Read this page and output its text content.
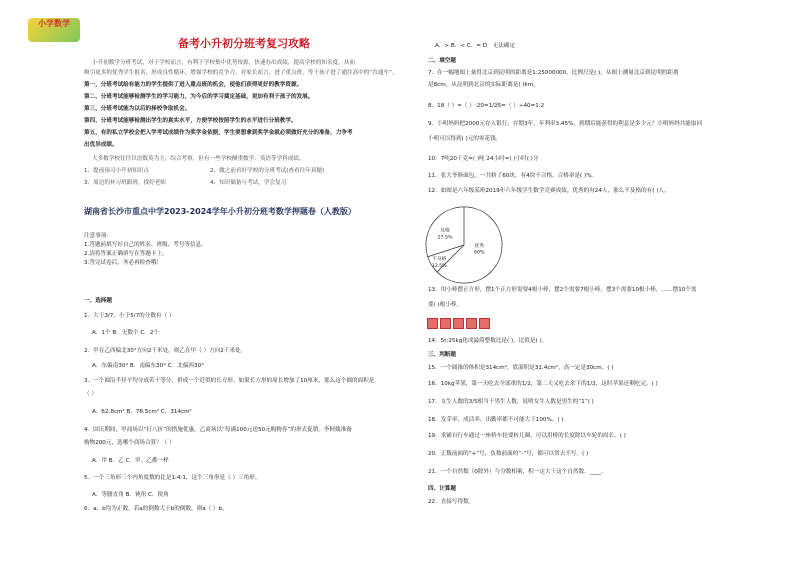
小学数学
备考小升初分班考复习攻略
小升初数学分班考试，对于学校而言，有利于学校集中优势资源，快速办出成绩，提高学校的知名度，从而
吸引更多的优秀学生报名，形成良性循环，增强学校的竞争力。对家长而言，进了重点班，等于孩子进了通往高中的“直通车”。
第一，分班考试给有能力的学生提供了进入重点班的机会，使他们获得更好的教学资源。
第二，分班考试能够检测学生的学习能力，为今后的学习奠定基础，更加有利于孩子的发展。
第三，分班考试能为以后的择校争取机会。
第四，分班考试能够检测出学生的真实水平，方便学校按照学生的水平进行分班教学。
第五，有的私立学校会把入学考试成绩作为奖学金依据，学生要想拿到奖学金就必须做好充分的准备，力争考
出优异成绩。
大多数学校往往以语数英为主，综合考察，但有一些学校侧重数学、英语等学科成绩。
1、提前预习小升初知识点	2、做之前看好学校的分班考试(查看往年真题)
3、周边的补习班跟班，找好老师	4、知识储备与考试，学会复习
湖南省长沙市重点中学2023-2024学年小升初分班考数学押题卷（人教版）
注意事项：
1.答题前填写好自己的姓名、班级、考号等信息。
2.请将答案正确填写在答题卡上。
3.答完试卷后，务必再检查哦！
一、选择题
1．大于3/7、小于5/7的分数有（ ）
A．1个 B．无数个 C．2个
2．甲在乙西偏北30°方向2千米处，则乙在甲（ ）方向2千米处。
A．东偏南30° B．南偏东30° C．北偏西30°
3．一个圆沿半径平均分成若干等分，拼成一个近似的长方形，如果长方形的周长增加了10厘米，那么这个圆的面积是
（ ）
A．62.8cm² B．78.5cm² C．314cm²
4．国庆期间，甲商场以“打八折”的措施优惠，乙商场以“每满100元送50元购物券”的形式促销。李阿姨准备
购物200元，选哪个商场合算？（ ）
A．甲 B．乙 C．甲、乙都一样
5．一个三角形三个内角度数的比是1:4:1，这个三角形是（ ）三角形。
A．等腰直角 B．钝角 C．锐角
6．a、b均为正数，若a的倒数大于b的倒数，则a（ ）b。
A．> B．< C．= D．无法确定
二、填空题
7．在一幅地图上量得北京到昆明的距离是1:25000000，比例尺是( )，从图上测量北京到昆明的距离
是8cm，从昆明到北京的实际距离是( )km。
8．18（ ）=（ ）:20=1/25=（ ）÷40=1.2
9．小明妈妈把2000元存入银行，存期3年，年利率3.45%，到期后能获得的利息是多少元？小明妈妈共能取回
小明可以得到( )元的零花钱。
10．7吨20千克=( )吨 24小时=( )小时( )分
11．张大爷修面包，一共修了60块，有4块不合格，合格率是( )%。
12．如图是六年级某班2019年六年级学生数学竞赛成绩，优秀的有24人，那么不及格的有( )人。
及格
27.5%
不及格
12.5%
优秀
60%
13．用小棒摆正方形，摆1个正方形需要4根小棒，摆2个需要7根小棒，摆3个需要10根小棒，……摆10个需
要( )根小棒。
14．5t:25kg化成最简整数比是( )，比值是( )。
三、判断题
15．一个圆锥的体积是314cm³，底面积是31.4cm²，高一定是30cm。( )
16．10kg苹果，第一天吃去全部重的1/2，第二天又吃去余下的1/2，这时苹果还剩吃完。( )
17．女生人数的3/5相当于男生人数，说明女生人数是男生的“1”( )
18．发芽率、成活率、出勤率都不可能大于100%。( )
19．求铺自行车通过一座桥车轮要转几圈，可以用桥的长度除以车轮的周长。( )
20．正数前面的“+”号，负数前面的“-”号，都可以省去不写。( )
21．一个自然数（0除外）与分数相乘，积一定大于这个自然数。____。
四、计算题
22．直接写得数。
